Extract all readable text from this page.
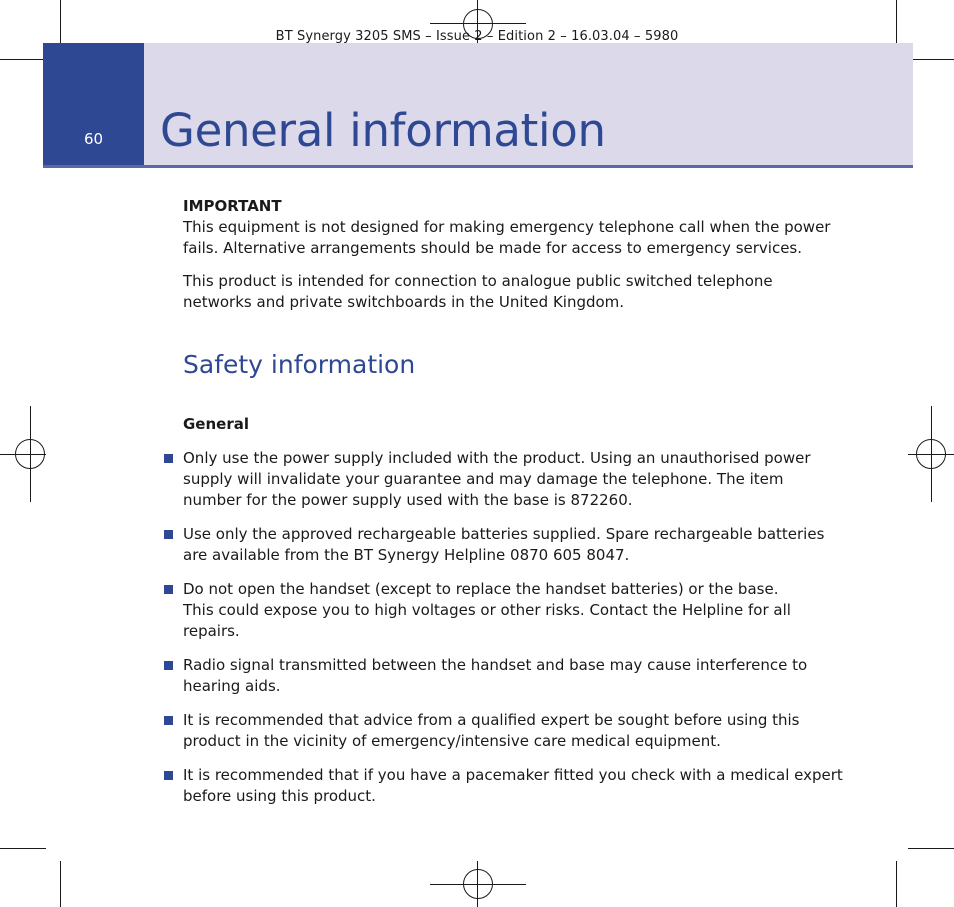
BT Synergy 3205 SMS – Issue 2 – Edition 2 – 16.03.04 – 5980
60	General information

IMPORTANT
This equipment is not designed for making emergency telephone call when the power fails. Alternative arrangements should be made for access to emergency services.

This product is intended for connection to analogue public switched telephone networks and private switchboards in the United Kingdom.

Safety information
General
Only use the power supply included with the product. Using an unauthorised power supply will invalidate your guarantee and may damage the telephone. The item number for the power supply used with the base is 872260.
Use only the approved rechargeable batteries supplied. Spare rechargeable batteries are available from the BT Synergy Helpline 0870 605 8047.
Do not open the handset (except to replace the handset batteries) or the base.
This could expose you to high voltages or other risks. Contact the Helpline for all repairs.
Radio signal transmitted between the handset and base may cause interference to hearing aids.
It is recommended that advice from a qualified expert be sought before using this product in the vicinity of emergency/intensive care medical equipment.
It is recommended that if you have a pacemaker fitted you check with a medical expert before using this product.
